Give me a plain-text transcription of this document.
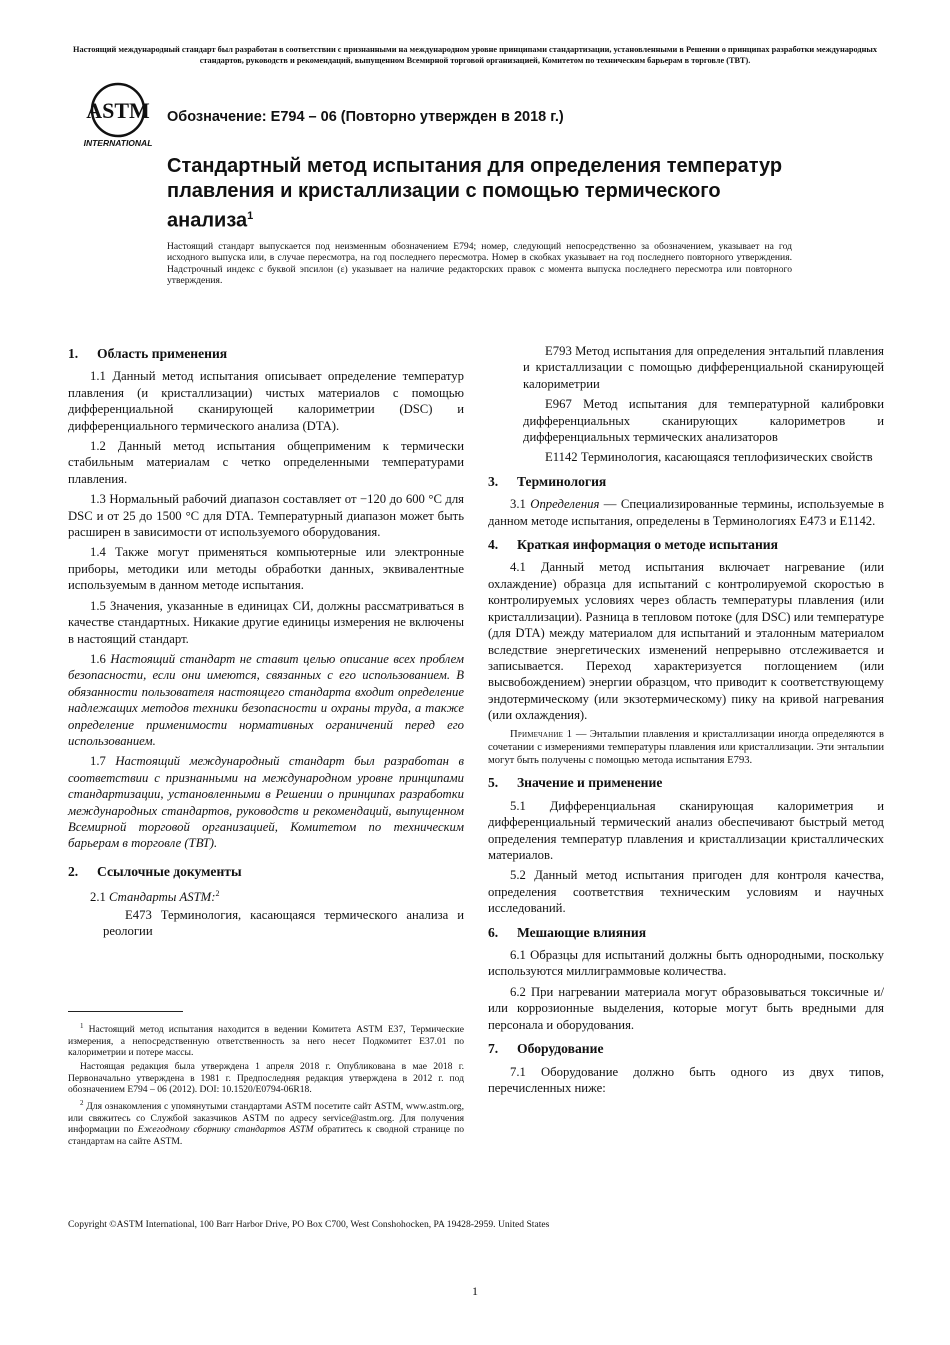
Настоящий международный стандарт был разработан в соответствии с признанными на международном уровне принципами стандартизации, установленными в Решении о принципах разработки международных стандартов, руководств и рекомендаций, выпущенном Всемирной торговой организацией, Комитетом по техническим барьерам в торговле (ТВТ).
ASTM
INTERNATIONAL
Обозначение: E794 – 06 (Повторно утвержден в 2018 г.)
Стандартный метод испытания для определения температур плавления и кристаллизации с помощью термического анализа$^1$
Настоящий стандарт выпускается под неизменным обозначением E794; номер, следующий непосредственно за обозначением, указывает на год исходного выпуска или, в случае пересмотра, на год последнего пересмотра. Номер в скобках указывает на год последнего повторного утверждения. Надстрочный индекс с буквой эпсилон (ε) указывает на наличие редакторских правок с момента выпуска последнего пересмотра или повторного утверждения.
1. Область применения

1.1 Данный метод испытания описывает определение температур плавления (и кристаллизации) чистых материалов с помощью дифференциальной сканирующей калориметрии (DSC) и дифференциального термического анализа (DTA).

1.2 Данный метод испытания общеприменим к термически стабильным материалам с четко определенными температурами плавления.

1.3 Нормальный рабочий диапазон составляет от −120 до 600 °C для DSC и от 25 до 1500 °C для DTA. Температурный диапазон может быть расширен в зависимости от используемого оборудования.

1.4 Также могут применяться компьютерные или электронные приборы, методики или методы обработки данных, эквивалентные используемым в данном методе испытания.

1.5 Значения, указанные в единицах СИ, должны рассматриваться в качестве стандартных. Никакие другие единицы измерения не включены в настоящий стандарт.

1.6 Настоящий стандарт не ставит целью описание всех проблем безопасности, если они имеются, связанных с его использованием. В обязанности пользователя настоящего стандарта входит определение надлежащих методов техники безопасности и охраны труда, а также определение применимости нормативных ограничений перед его использованием.

1.7 Настоящий международный стандарт был разработан в соответствии с признанными на международном уровне принципами стандартизации, установленными в Решении о принципах разработки международных стандартов, руководств и рекомендаций, выпущенном Всемирной торговой организацией, Комитетом по техническим барьерам в торговле (ТВТ).

2. Ссылочные документы

2.1 Стандарты ASTM:$^2$

E473 Терминология, касающаяся термического анализа и реологии

E793 Метод испытания для определения энтальпий плавления и кристаллизации с помощью дифференциальной сканирующей калориметрии

E967 Метод испытания для температурной калибровки дифференциальных сканирующих калориметров и дифференциальных термических анализаторов

E1142 Терминология, касающаяся теплофизических свойств

3. Терминология

3.1 Определения — Специализированные термины, используемые в данном методе испытания, определены в Терминологиях E473 и E1142.

4. Краткая информация о методе испытания

4.1 Данный метод испытания включает нагревание (или охлаждение) образца для испытаний с контролируемой скоростью в контролируемых условиях через область температуры плавления (или кристаллизации). Разница в тепловом потоке (для DSC) или температуре (для DTA) между материалом для испытаний и эталонным материалом вследствие энергетических изменений непрерывно отслеживается и записывается. Переход характеризуется поглощением (или высвобождением) энергии образцом, что приводит к соответствующему эндотермическому (или экзотермическому) пику на кривой нагревания (или охлаждения).

Примечание 1 — Энтальпии плавления и кристаллизации иногда определяются в сочетании с измерениями температуры плавления или кристаллизации. Эти энтальпии могут быть получены с помощью метода испытания E793.

5. Значение и применение

5.1 Дифференциальная сканирующая калориметрия и дифференциальный термический анализ обеспечивают быстрый метод определения температур плавления и кристаллизации кристаллических материалов.

5.2 Данный метод испытания пригоден для контроля качества, определения соответствия техническим условиям и научных исследований.

6. Мешающие влияния

6.1 Образцы для испытаний должны быть однородными, поскольку используются миллиграммовые количества.

6.2 При нагревании материала могут образовываться токсичные и/или коррозионные выделения, которые могут быть вредными для персонала и оборудования.

7. Оборудование

7.1 Оборудование должно быть одного из двух типов, перечисленных ниже:

$^1$ Настоящий метод испытания находится в ведении Комитета ASTM E37, Термические измерения, а непосредственную ответственность за него несет Подкомитет E37.01 по калориметрии и потере массы.

Настоящая редакция была утверждена 1 апреля 2018 г. Опубликована в мае 2018 г. Первоначально утверждена в 1981 г. Предпоследняя редакция утверждена в 2012 г. под обозначением E794 – 06 (2012). DOI: 10.1520/E0794-06R18.

$^2$ Для ознакомления с упомянутыми стандартами ASTM посетите сайт ASTM, www.astm.org, или свяжитесь со Службой заказчиков ASTM по адресу service@astm.org. Для получения информации по Ежегодному сборнику стандартов ASTM обратитесь к сводной странице по стандартам на сайте ASTM.

Copyright ©ASTM International, 100 Barr Harbor Drive, PO Box C700, West Conshohocken, PA 19428-2959. United States
1
